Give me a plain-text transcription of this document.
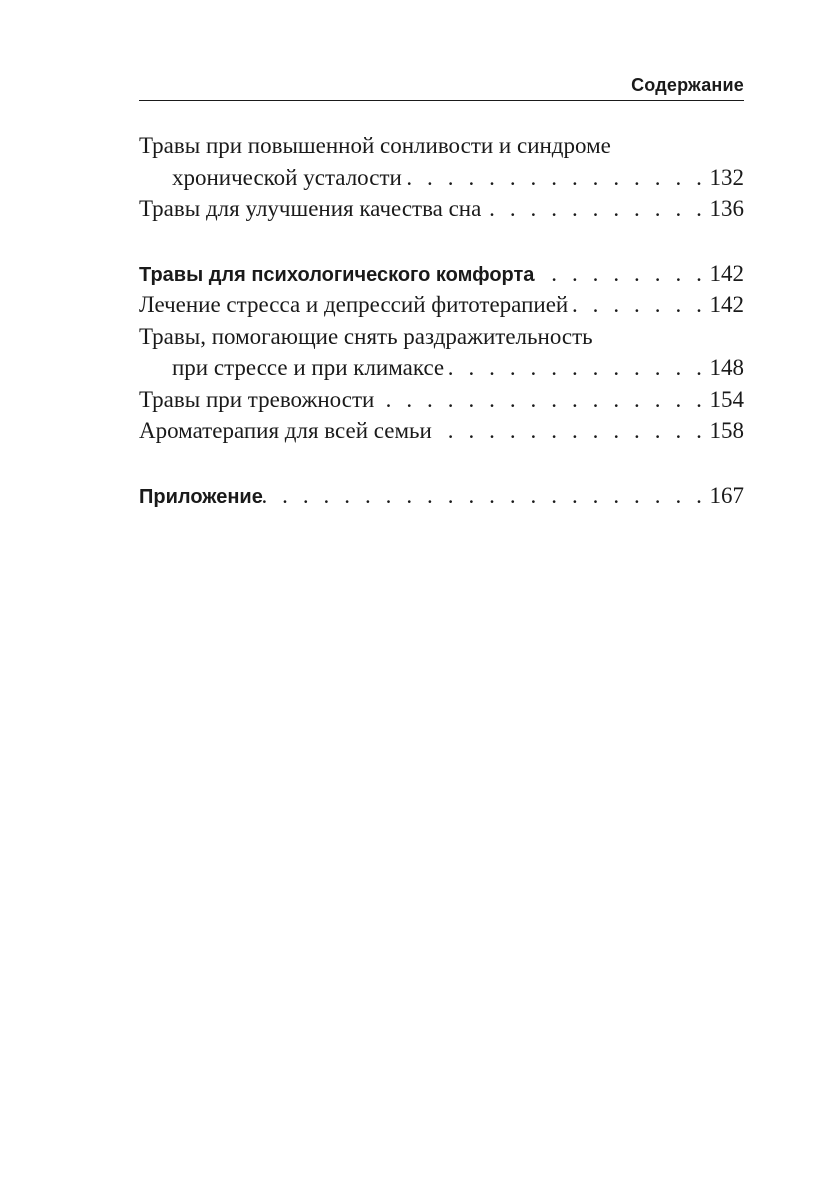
Содержание
Травы при повышенной сонливости и синдроме
хронической усталости . . .	132
Травы для улучшения качества сна . . .	136
Травы для психологического комфорта . . .	142
Лечение стресса и депрессий фитотерапией . . .	142
Травы, помогающие снять раздражительность
при стрессе и при климаксе . . .	148
Травы при тревожности . . .	154
Ароматерапия для всей семьи . . .	158
Приложение . . .	167
